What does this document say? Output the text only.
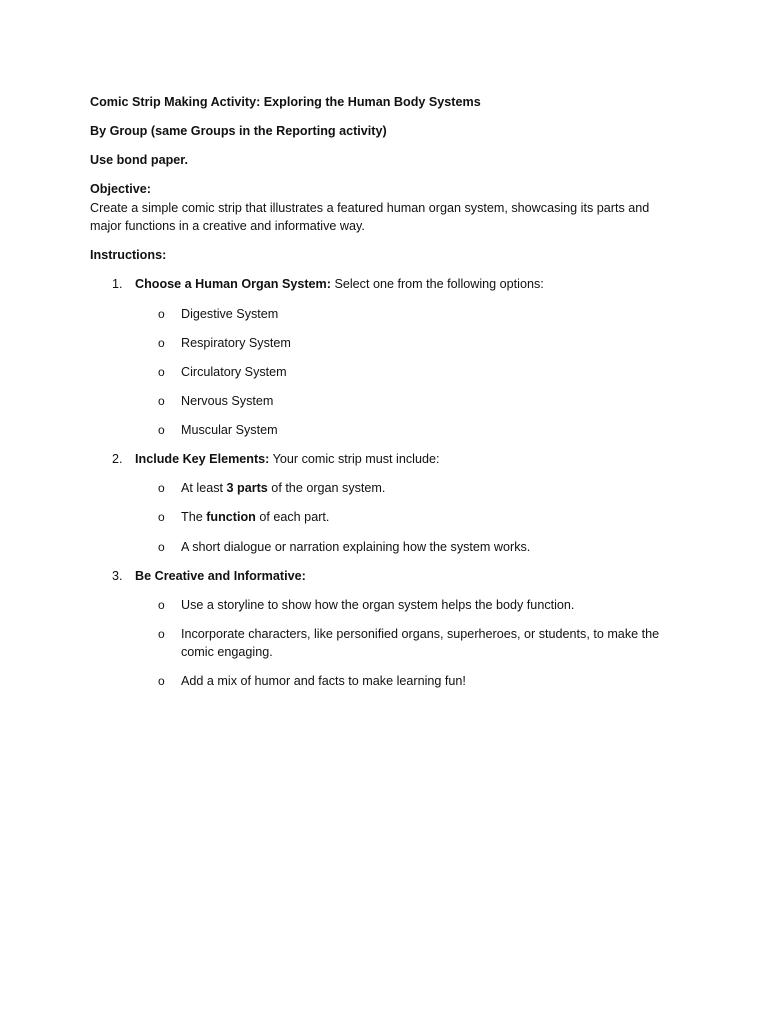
Comic Strip Making Activity: Exploring the Human Body Systems
By Group (same Groups in the Reporting activity)
Use bond paper.
Objective:
Create a simple comic strip that illustrates a featured human organ system, showcasing its parts and
major functions in a creative and informative way.
Instructions:
1. Choose a Human Organ System: Select one from the following options:
o Digestive System
o Respiratory System
o Circulatory System
o Nervous System
o Muscular System
2. Include Key Elements: Your comic strip must include:
o At least 3 parts of the organ system.
o The function of each part.
o A short dialogue or narration explaining how the system works.
3. Be Creative and Informative:
o Use a storyline to show how the organ system helps the body function.
o Incorporate characters, like personified organs, superheroes, or students, to make the
comic engaging.
o Add a mix of humor and facts to make learning fun!
